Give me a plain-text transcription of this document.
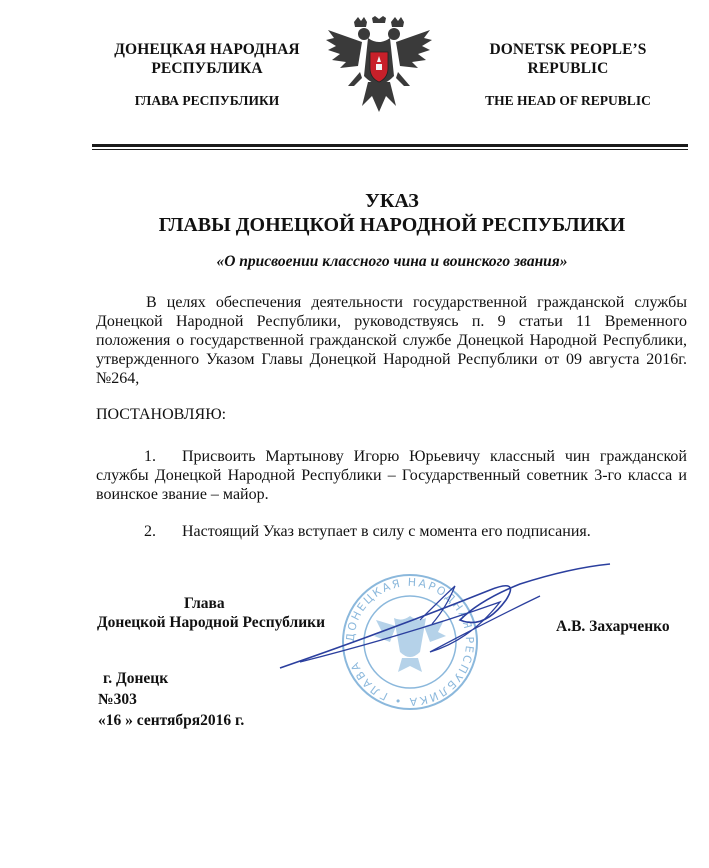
ДОНЕЦКАЯ НАРОДНАЯ
РЕСПУБЛИКА
ГЛАВА РЕСПУБЛИКИ
DONETSK PEOPLE’S
REPUBLIC
THE HEAD OF REPUBLIC
УКАЗ
ГЛАВЫ ДОНЕЦКОЙ НАРОДНОЙ РЕСПУБЛИКИ
«О присвоении классного чина и воинского звания»
В целях обеспечения деятельности государственной гражданской службы Донецкой Народной Республики, руководствуясь п. 9 статьи 11 Временного положения о государственной гражданской службе Донецкой Народной Республики, утвержденного Указом Главы Донецкой Народной Республики от 09 августа 2016г. №264,
ПОСТАНОВЛЯЮ:
1. Присвоить Мартынову Игорю Юрьевичу классный чин гражданской службы Донецкой Народной Республики – Государственный советник 3-го класса и воинское звание – майор.
2. Настоящий Указ вступает в силу с момента его подписания.
ДОНЕЦКАЯ НАРОДНАЯ РЕСПУБЛИКА • ГЛАВА
Глава
Донецкой Народной Республики	А.В. Захарченко
г. Донецк
№303
«16 » сентября2016 г.
